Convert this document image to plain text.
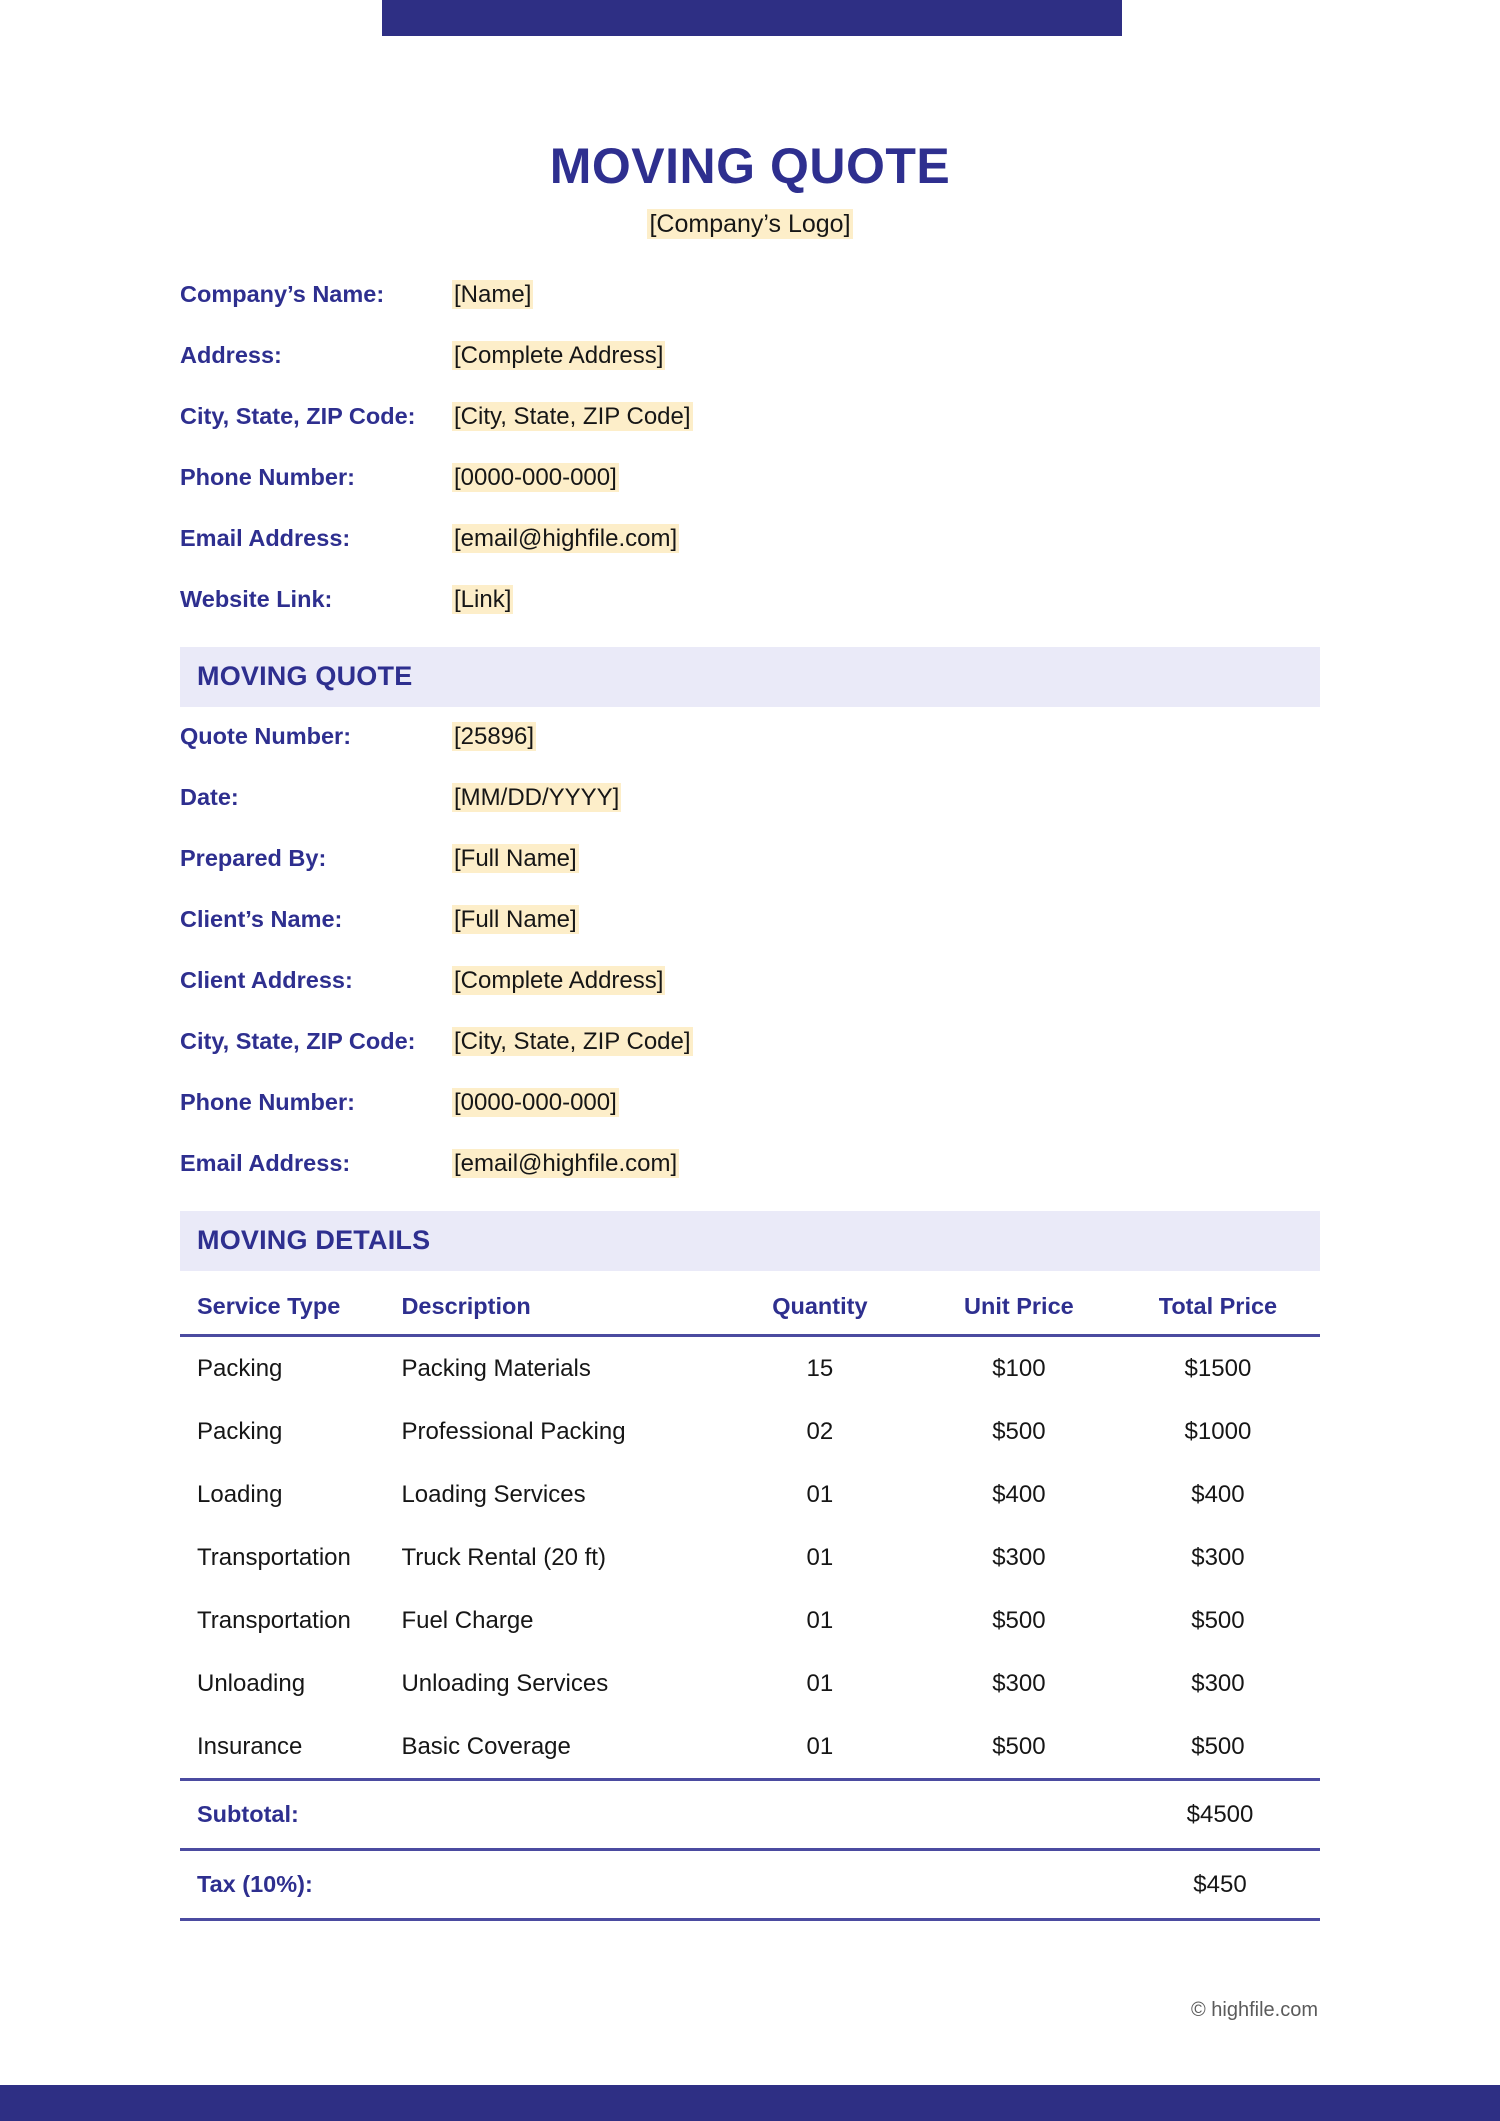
MOVING QUOTE
[Company’s Logo]
Company’s Name:	[Name]
Address:	[Complete Address]
City, State, ZIP Code:	[City, State, ZIP Code]
Phone Number:	[0000-000-000]
Email Address:	[email@highfile.com]
Website Link:	[Link]
MOVING QUOTE
Quote Number:	[25896]
Date:	[MM/DD/YYYY]
Prepared By:	[Full Name]
Client’s Name:	[Full Name]
Client Address:	[Complete Address]
City, State, ZIP Code:	[City, State, ZIP Code]
Phone Number:	[0000-000-000]
Email Address:	[email@highfile.com]
MOVING DETAILS
Service Type	Description	Quantity	Unit Price	Total Price
Packing	Packing Materials	15	$100	$1500
Packing	Professional Packing	02	$500	$1000
Loading	Loading Services	01	$400	$400
Transportation	Truck Rental (20 ft)	01	$300	$300
Transportation	Fuel Charge	01	$500	$500
Unloading	Unloading Services	01	$300	$300
Insurance	Basic Coverage	01	$500	$500
Subtotal:		$4500
Tax (10%):		$450
© highfile.com
